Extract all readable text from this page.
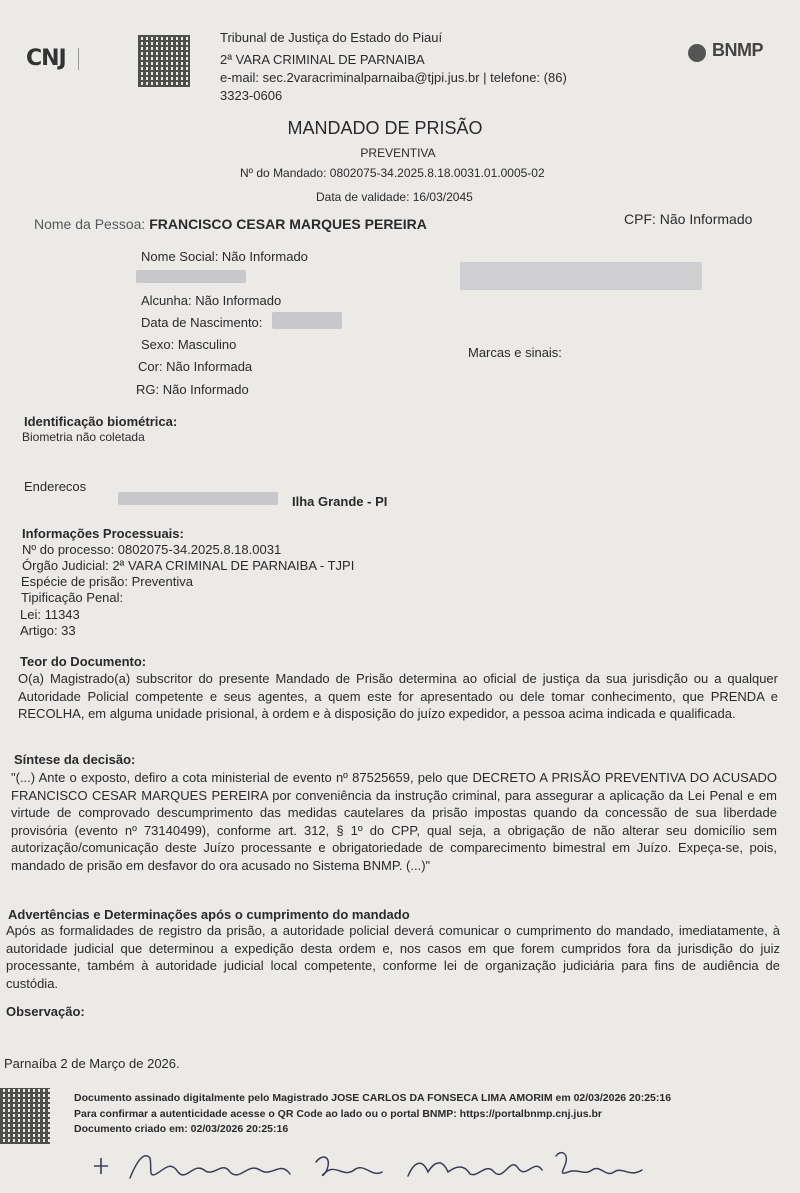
CNJ
Tribunal de Justiça do Estado do Piauí
2ª VARA CRIMINAL DE PARNAIBA
e-mail: sec.2varacriminalparnaiba@tjpi.jus.br | telefone: (86)
3323-0606
BNMP
MANDADO DE PRISÃO
PREVENTIVA
Nº do Mandado: 0802075-34.2025.8.18.0031.01.0005-02
Data de validade: 16/03/2045
Nome da Pessoa: FRANCISCO CESAR MARQUES PEREIRA	CPF: Não Informado
Nome Social: Não Informado
Alcunha: Não Informado
Data de Nascimento:
Sexo: Masculino
Cor: Não Informada
RG: Não Informado
Marcas e sinais:
Identificação biométrica:
Biometria não coletada
Enderecos
Ilha Grande - PI
Informações Processuais:
Nº do processo: 0802075-34.2025.8.18.0031
Órgão Judicial: 2ª VARA CRIMINAL DE PARNAIBA - TJPI
Espécie de prisão: Preventiva
Tipificação Penal:
Lei: 11343
Artigo: 33
Teor do Documento:
O(a) Magistrado(a) subscritor do presente Mandado de Prisão determina ao oficial de justiça da sua jurisdição ou a qualquer Autoridade Policial competente e seus agentes, a quem este for apresentado ou dele tomar conhecimento, que PRENDA e RECOLHA, em alguma unidade prisional, à ordem e à disposição do juízo expedidor, a pessoa acima indicada e qualificada.
Síntese da decisão:
"(...) Ante o exposto, defiro a cota ministerial de evento nº 87525659, pelo que DECRETO A PRISÃO PREVENTIVA DO ACUSADO FRANCISCO CESAR MARQUES PEREIRA por conveniência da instrução criminal, para assegurar a aplicação da Lei Penal e em virtude de comprovado descumprimento das medidas cautelares da prisão impostas quando da concessão de sua liberdade provisória (evento nº 73140499), conforme art. 312, § 1º do CPP, qual seja, a obrigação de não alterar seu domicílio sem autorização/comunicação deste Juízo processante e obrigatoriedade de comparecimento bimestral em Juízo. Expeça-se, pois, mandado de prisão em desfavor do ora acusado no Sistema BNMP. (...)"
Advertências e Determinações após o cumprimento do mandado
Após as formalidades de registro da prisão, a autoridade policial deverá comunicar o cumprimento do mandado, imediatamente, à autoridade judicial que determinou a expedição desta ordem e, nos casos em que forem cumpridos fora da jurisdição do juiz processante, também à autoridade judicial local competente, conforme lei de organização judiciária para fins de audiência de custódia.
Observação:
Parnaíba 2 de Março de 2026.
Documento assinado digitalmente pelo Magistrado JOSE CARLOS DA FONSECA LIMA AMORIM em 02/03/2026 20:25:16
Para confirmar a autenticidade acesse o QR Code ao lado ou o portal BNMP: https://portalbnmp.cnj.jus.br
Documento criado em: 02/03/2026 20:25:16
